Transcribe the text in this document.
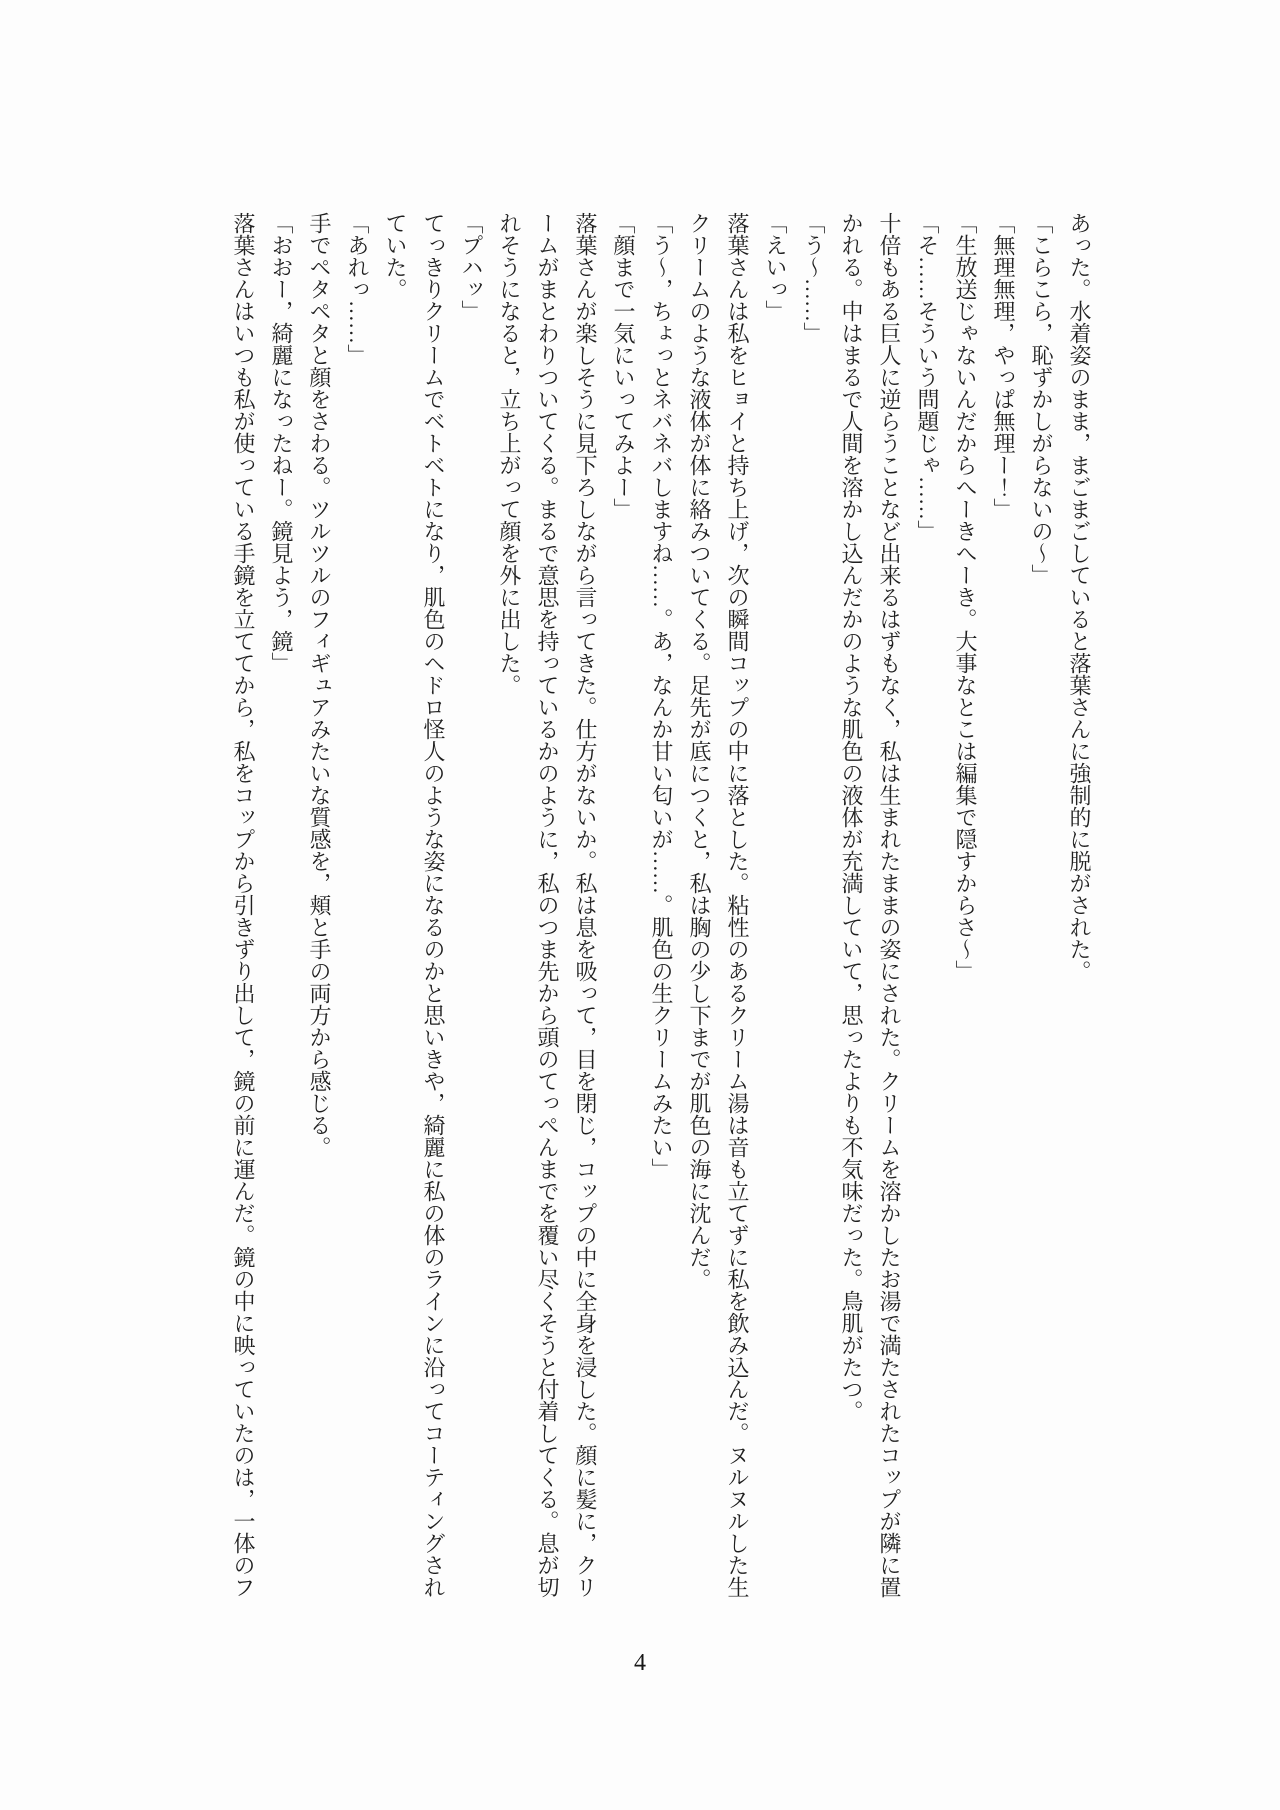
あった。水着姿のまま，まごまごしていると落葉さんに強制的に脱がされた。

「こらこら，恥ずかしがらないの～」

「無理無理，やっぱ無理ー！」

「生放送じゃないんだからへーきへーき。大事なとこは編集で隠すからさ～」

「そ……そういう問題じゃ……」

十倍もある巨人に逆らうことなど出来るはずもなく，私は生まれたままの姿にされた。クリームを溶かしたお湯で満たされたコップが隣に置かれる。中はまるで人間を溶かし込んだかのような肌色の液体が充満していて，思ったよりも不気味だった。鳥肌がたつ。

「う～……」

「えいっ」

落葉さんは私をヒョイと持ち上げ，次の瞬間コップの中に落とした。粘性のあるクリーム湯は音も立てずに私を飲み込んだ。ヌルヌルした生クリームのような液体が体に絡みついてくる。足先が底につくと，私は胸の少し下までが肌色の海に沈んだ。

「う～，ちょっとネバネバしますね……。あ，なんか甘い匂いが……。肌色の生クリームみたい」

「顔まで一気にいってみよー」

落葉さんが楽しそうに見下ろしながら言ってきた。仕方がないか。私は息を吸って，目を閉じ，コップの中に全身を浸した。顔に髪に，クリームがまとわりついてくる。まるで意思を持っているかのように，私のつま先から頭のてっぺんまでを覆い尽くそうと付着してくる。息が切れそうになると，立ち上がって顔を外に出した。

「プハッ」

てっきりクリームでベトベトになり，肌色のヘドロ怪人のような姿になるのかと思いきや，綺麗に私の体のラインに沿ってコーティングされていた。

「あれっ……」

手でペタペタと顔をさわる。ツルツルのフィギュアみたいな質感を，頬と手の両方から感じる。

「おおー，綺麗になったねー。鏡見よう，鏡」

落葉さんはいつも私が使っている手鏡を立ててから，私をコップから引きずり出して，鏡の前に運んだ。鏡の中に映っていたのは，一体のフ

4
